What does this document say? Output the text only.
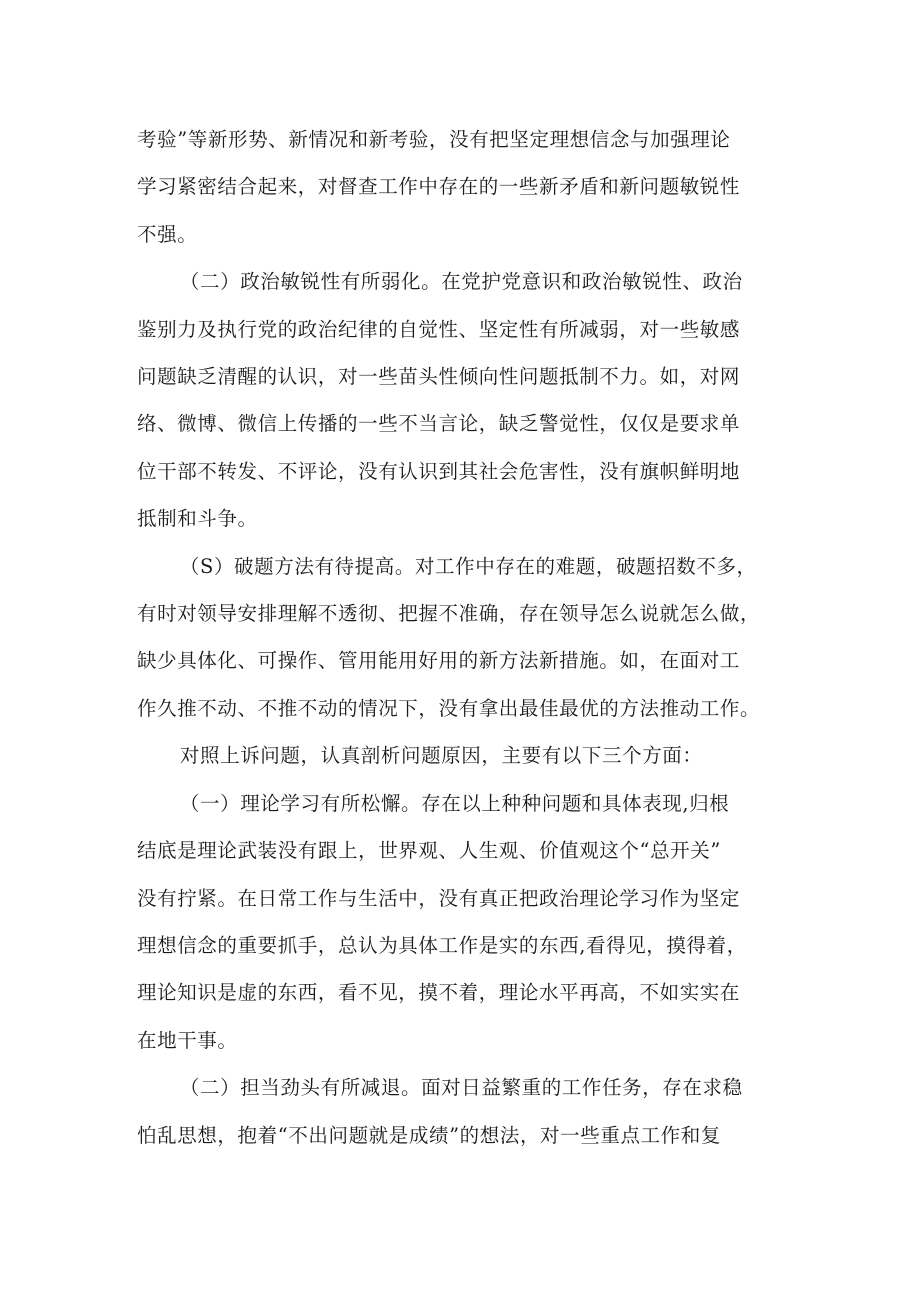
考验”等新形势、新情况和新考验，没有把坚定理想信念与加强理论
学习紧密结合起来，对督查工作中存在的一些新矛盾和新问题敏锐性
不强。

（二）政治敏锐性有所弱化。在党护党意识和政治敏锐性、政治
鉴别力及执行党的政治纪律的自觉性、坚定性有所减弱，对一些敏感
问题缺乏清醒的认识，对一些苗头性倾向性问题抵制不力。如，对网
络、微博、微信上传播的一些不当言论，缺乏警觉性，仅仅是要求单
位干部不转发、不评论，没有认识到其社会危害性，没有旗帜鲜明地
抵制和斗争。

（S）破题方法有待提高。对工作中存在的难题，破题招数不多，
有时对领导安排理解不透彻、把握不准确，存在领导怎么说就怎么做，
缺少具体化、可操作、管用能用好用的新方法新措施。如，在面对工
作久推不动、不推不动的情况下，没有拿出最佳最优的方法推动工作。

对照上诉问题，认真剖析问题原因，主要有以下三个方面：

（一）理论学习有所松懈。存在以上种种问题和具体表现,归根
结底是理论武装没有跟上，世界观、人生观、价值观这个“总开关”
没有拧紧。在日常工作与生活中，没有真正把政治理论学习作为坚定
理想信念的重要抓手，总认为具体工作是实的东西,看得见，摸得着，
理论知识是虚的东西，看不见，摸不着，理论水平再高，不如实实在
在地干事。

（二）担当劲头有所减退。面对日益繁重的工作任务，存在求稳
怕乱思想，抱着“不出问题就是成绩”的想法，对一些重点工作和复
